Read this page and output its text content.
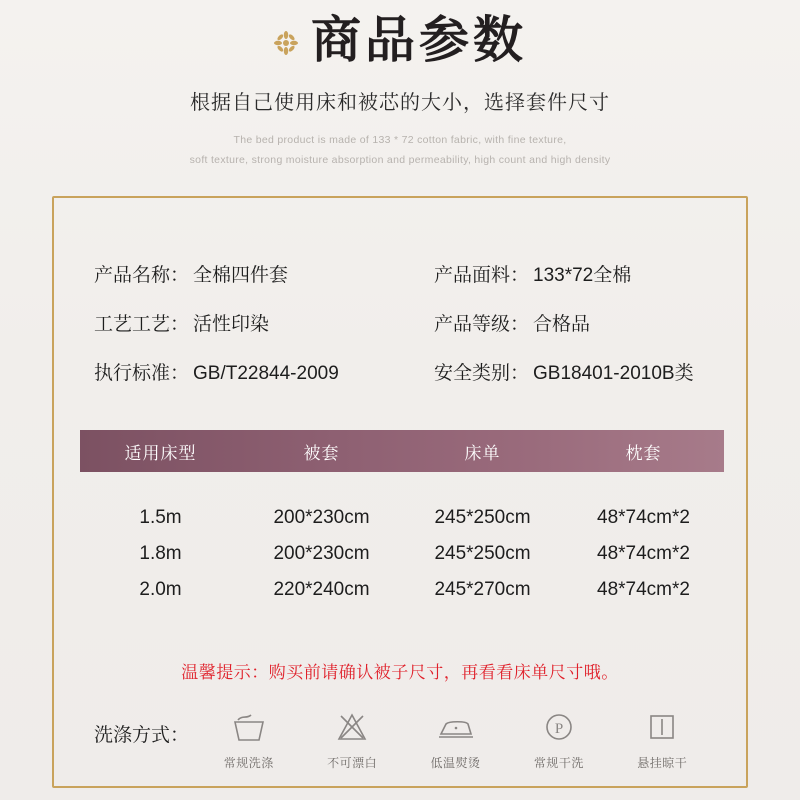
商品参数
根据自己使用床和被芯的大小，选择套件尺寸
The bed product is made of 133 * 72 cotton fabric, with fine texture,
soft texture, strong moisture absorption and permeability, high count and high density
产品名称： 全棉四件套	产品面料： 133*72全棉
工艺工艺： 活性印染	产品等级： 合格品
执行标准： GB/T22844-2009	安全类别： GB18401-2010B类
适用床型	被套	床单	枕套
1.5m	200*230cm	245*250cm	48*74cm*2
1.8m	200*230cm	245*250cm	48*74cm*2
2.0m	220*240cm	245*270cm	48*74cm*2
温馨提示：购买前请确认被子尺寸，再看看床单尺寸哦。
洗涤方式 ：
常规洗涤	不可漂白	低温熨烫
P
常规干洗	悬挂晾干
